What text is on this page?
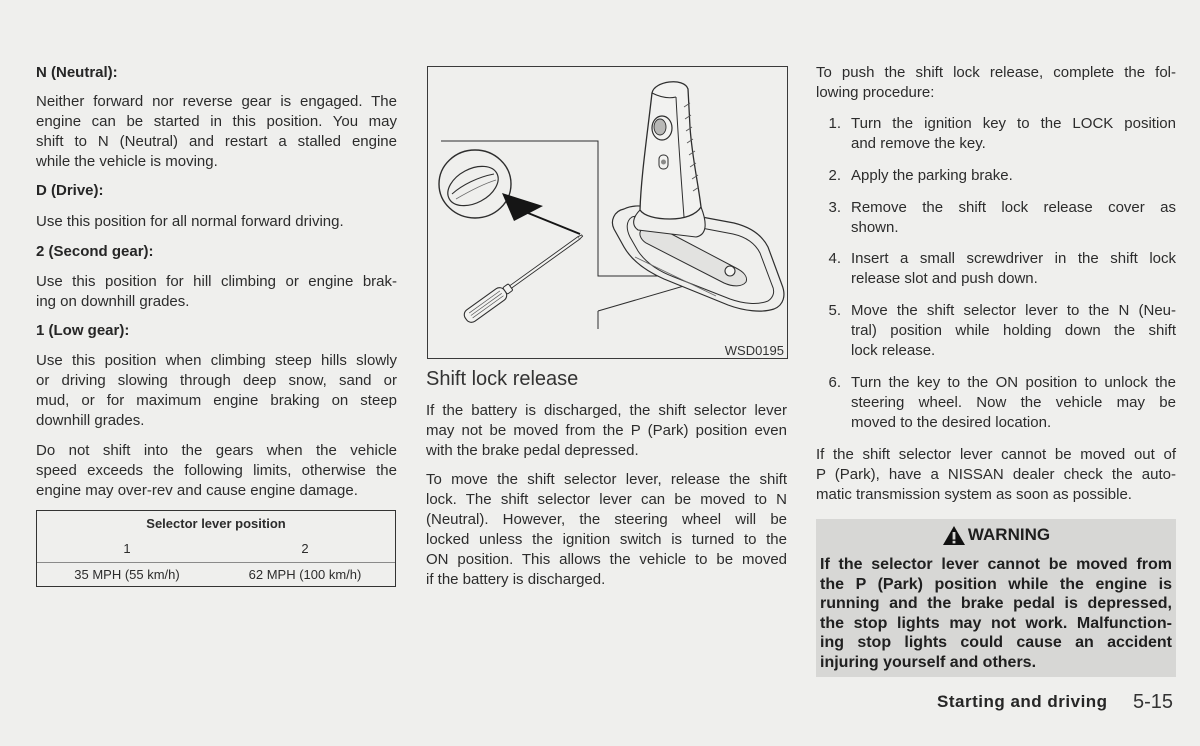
N (Neutral):
Neither forward nor reverse gear is engaged. The
engine can be started in this position. You may
shift to N (Neutral) and restart a stalled engine
while the vehicle is moving.
D (Drive):
Use this position for all normal forward driving.
2 (Second gear):
Use this position for hill climbing or engine brak-
ing on downhill grades.
1 (Low gear):
Use this position when climbing steep hills slowly
or driving slowing through deep snow, sand or
mud, or for maximum engine braking on steep
downhill grades.
Do not shift into the gears when the vehicle
speed exceeds the following limits, otherwise the
engine may over-rev and cause engine damage.
Selector lever position
1	2
35 MPH (55 km/h)	62 MPH (100 km/h)
WSD0195
Shift lock release
If the battery is discharged, the shift selector lever
may not be moved from the P (Park) position even
with the brake pedal depressed.
To move the shift selector lever, release the shift
lock. The shift selector lever can be moved to N
(Neutral). However, the steering wheel will be
locked unless the ignition switch is turned to the
ON position. This allows the vehicle to be moved
if the battery is discharged.
To push the shift lock release, complete the fol-
lowing procedure:
1. Turn the ignition key to the LOCK position
and remove the key.
2. Apply the parking brake.
3. Remove the shift lock release cover as
shown.
4. Insert a small screwdriver in the shift lock
release slot and push down.
5. Move the shift selector lever to the N (Neu-
tral) position while holding down the shift
lock release.
6. Turn the key to the ON position to unlock the
steering wheel. Now the vehicle may be
moved to the desired location.
If the shift selector lever cannot be moved out of
P (Park), have a NISSAN dealer check the auto-
matic transmission system as soon as possible.
WARNING
If the selector lever cannot be moved from
the P (Park) position while the engine is
running and the brake pedal is depressed,
the stop lights may not work. Malfunction-
ing stop lights could cause an accident
injuring yourself and others.
Starting and driving 5-15
